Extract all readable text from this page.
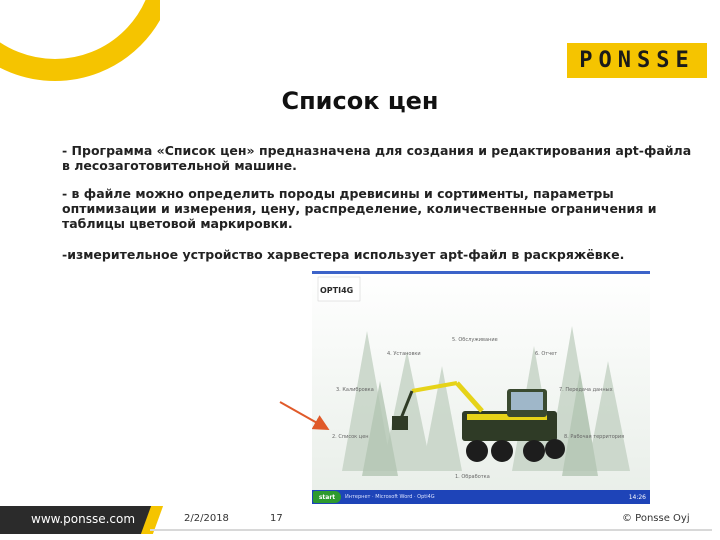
PONSSE
Список цен
- Программа «Список цен» предназначена для создания и редактирования apt-файла в лесозаготовительной машине.
- в файле можно определить породы древисины и сортименты, параметры оптимизации и измерения, цену, распределение, количественные ограничения и таблицы цветовой маркировки.
-измерительное устройство харвестера использует apt-файл в раскряжёвке.
OPTI4G
5. Обслуживание
4. Установки	6. Отчет
3. Калибровка	7. Передача данных
2. Список цен	8. Рабочая территория
1. Обработка
start	Интернет · Microsoft Word · Opti4G	14:26
www.ponsse.com	2/2/2018	17	© Ponsse Oyj
